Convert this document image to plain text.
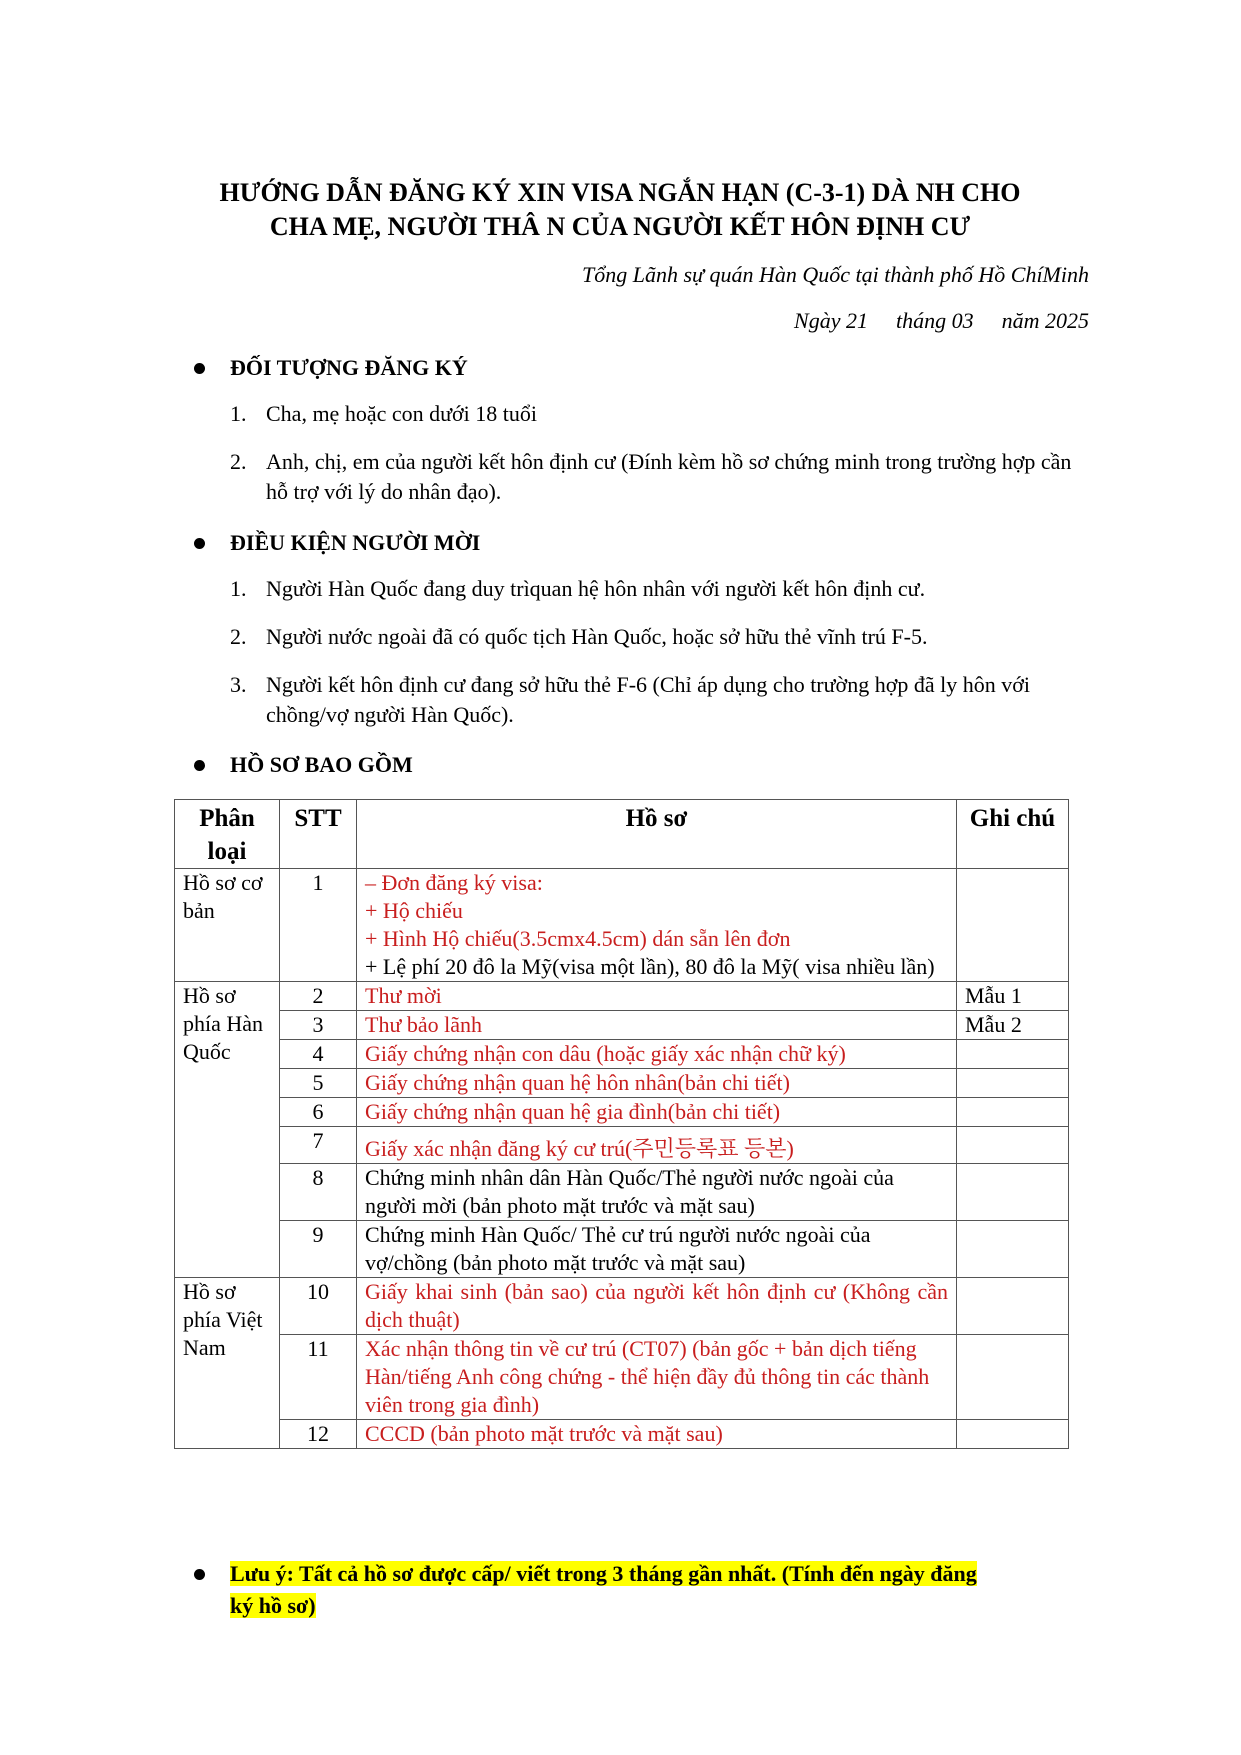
HƯỚNG DẪN ĐĂNG KÝ XIN VISA NGẮN HẠN (C-3-1) DÀ NH CHO
CHA MẸ, NGƯỜI THÂ N CỦA NGƯỜI KẾT HÔN ĐỊNH CƯ
Tổng Lãnh sự quán Hàn Quốc tại thành phố Hồ ChíMinh
Ngày 21 tháng 03 năm 2025
ĐỐI TƯỢNG ĐĂNG KÝ
1. Cha, mẹ hoặc con dưới 18 tuổi
2. Anh, chị, em của người kết hôn định cư (Đính kèm hồ sơ chứng minh trong trường hợp cần hỗ trợ với lý do nhân đạo).
ĐIỀU KIỆN NGƯỜI MỜI
1. Người Hàn Quốc đang duy trìquan hệ hôn nhân với người kết hôn định cư.
2. Người nước ngoài đã có quốc tịch Hàn Quốc, hoặc sở hữu thẻ vĩnh trú F-5.
3. Người kết hôn định cư đang sở hữu thẻ F-6 (Chỉ áp dụng cho trường hợp đã ly hôn với chồng/vợ người Hàn Quốc).
HỒ SƠ BAO GỒM
Phân loại	STT	Hồ sơ	Ghi chú
Hồ sơ cơ bản	1	– Đơn đăng ký visa:
+ Hộ chiếu
+ Hình Hộ chiếu(3.5cmx4.5cm) dán sẵn lên đơn
+ Lệ phí 20 đô la Mỹ(visa một lần), 80 đô la Mỹ( visa nhiều lần)	

Hồ sơ phía Hàn Quốc	2	Thư mời	Mẫu 1
	3	Thư bảo lãnh	Mẫu 2
	4	Giấy chứng nhận con dâu (hoặc giấy xác nhận chữ ký)	
	5	Giấy chứng nhận quan hệ hôn nhân(bản chi tiết)	
	6	Giấy chứng nhận quan hệ gia đình(bản chi tiết)	
	7	Giấy xác nhận đăng ký cư trú(주민등록표 등본)	
	8	Chứng minh nhân dân Hàn Quốc/Thẻ người nước ngoài của người mời (bản photo mặt trước và mặt sau)	
	9	Chứng minh Hàn Quốc/ Thẻ cư trú người nước ngoài của vợ/chồng (bản photo mặt trước và mặt sau)	
Hồ sơ phía Việt Nam	10	Giấy khai sinh (bản sao) của người kết hôn định cư (Không cần dịch thuật)	
	11	Xác nhận thông tin về cư trú (CT07) (bản gốc + bản dịch tiếng Hàn/tiếng Anh công chứng - thể hiện đầy đủ thông tin các thành viên trong gia đình)	
	12	CCCD (bản photo mặt trước và mặt sau)	
Lưu ý: Tất cả hồ sơ được cấp/ viết trong 3 tháng gần nhất. (Tính đến ngày đăng
ký hồ sơ)
